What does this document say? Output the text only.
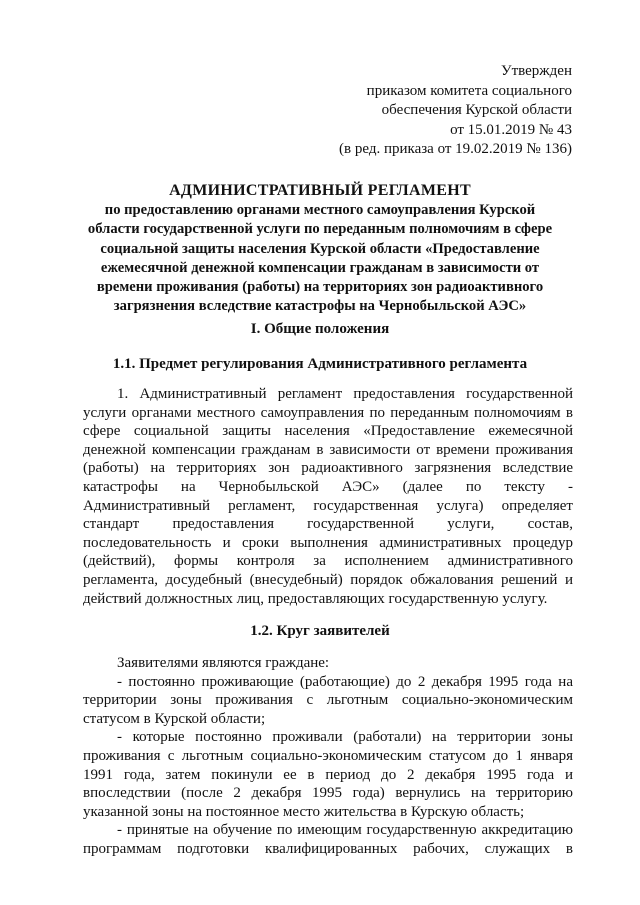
Утвержден
приказом комитета социального
обеспечения Курской области
от 15.01.2019 № 43
(в ред. приказа от 19.02.2019 № 136)
АДМИНИСТРАТИВНЫЙ РЕГЛАМЕНТ
по предоставлению органами местного самоуправления Курской
области государственной услуги по переданным полномочиям в сфере
социальной защиты населения Курской области «Предоставление
ежемесячной денежной компенсации гражданам в зависимости от
времени проживания (работы) на территориях зон радиоактивного
загрязнения вследствие катастрофы на Чернобыльской АЭС»
I. Общие положения
1.1. Предмет регулирования Административного регламента
1. Административный регламент предоставления государственной
услуги органами местного самоуправления по переданным полномочиям в
сфере социальной защиты населения «Предоставление ежемесячной
денежной компенсации гражданам в зависимости от времени проживания
(работы) на территориях зон радиоактивного загрязнения вследствие
катастрофы на Чернобыльской АЭС» (далее по тексту -
Административный регламент, государственная услуга) определяет
стандарт предоставления государственной услуги, состав,
последовательность и сроки выполнения административных процедур
(действий), формы контроля за исполнением административного
регламента, досудебный (внесудебный) порядок обжалования решений и
действий должностных лиц, предоставляющих государственную услугу.
1.2. Круг заявителей
Заявителями являются граждане:
- постоянно проживающие (работающие) до 2 декабря 1995 года на
территории зоны проживания с льготным социально-экономическим
статусом в Курской области;
- которые постоянно проживали (работали) на территории зоны
проживания с льготным социально-экономическим статусом до 1 января
1991 года, затем покинули ее в период до 2 декабря 1995 года и
впоследствии (после 2 декабря 1995 года) вернулись на территорию
указанной зоны на постоянное место жительства в Курскую область;
- принятые на обучение по имеющим государственную аккредитацию
программам подготовки квалифицированных рабочих, служащих в
